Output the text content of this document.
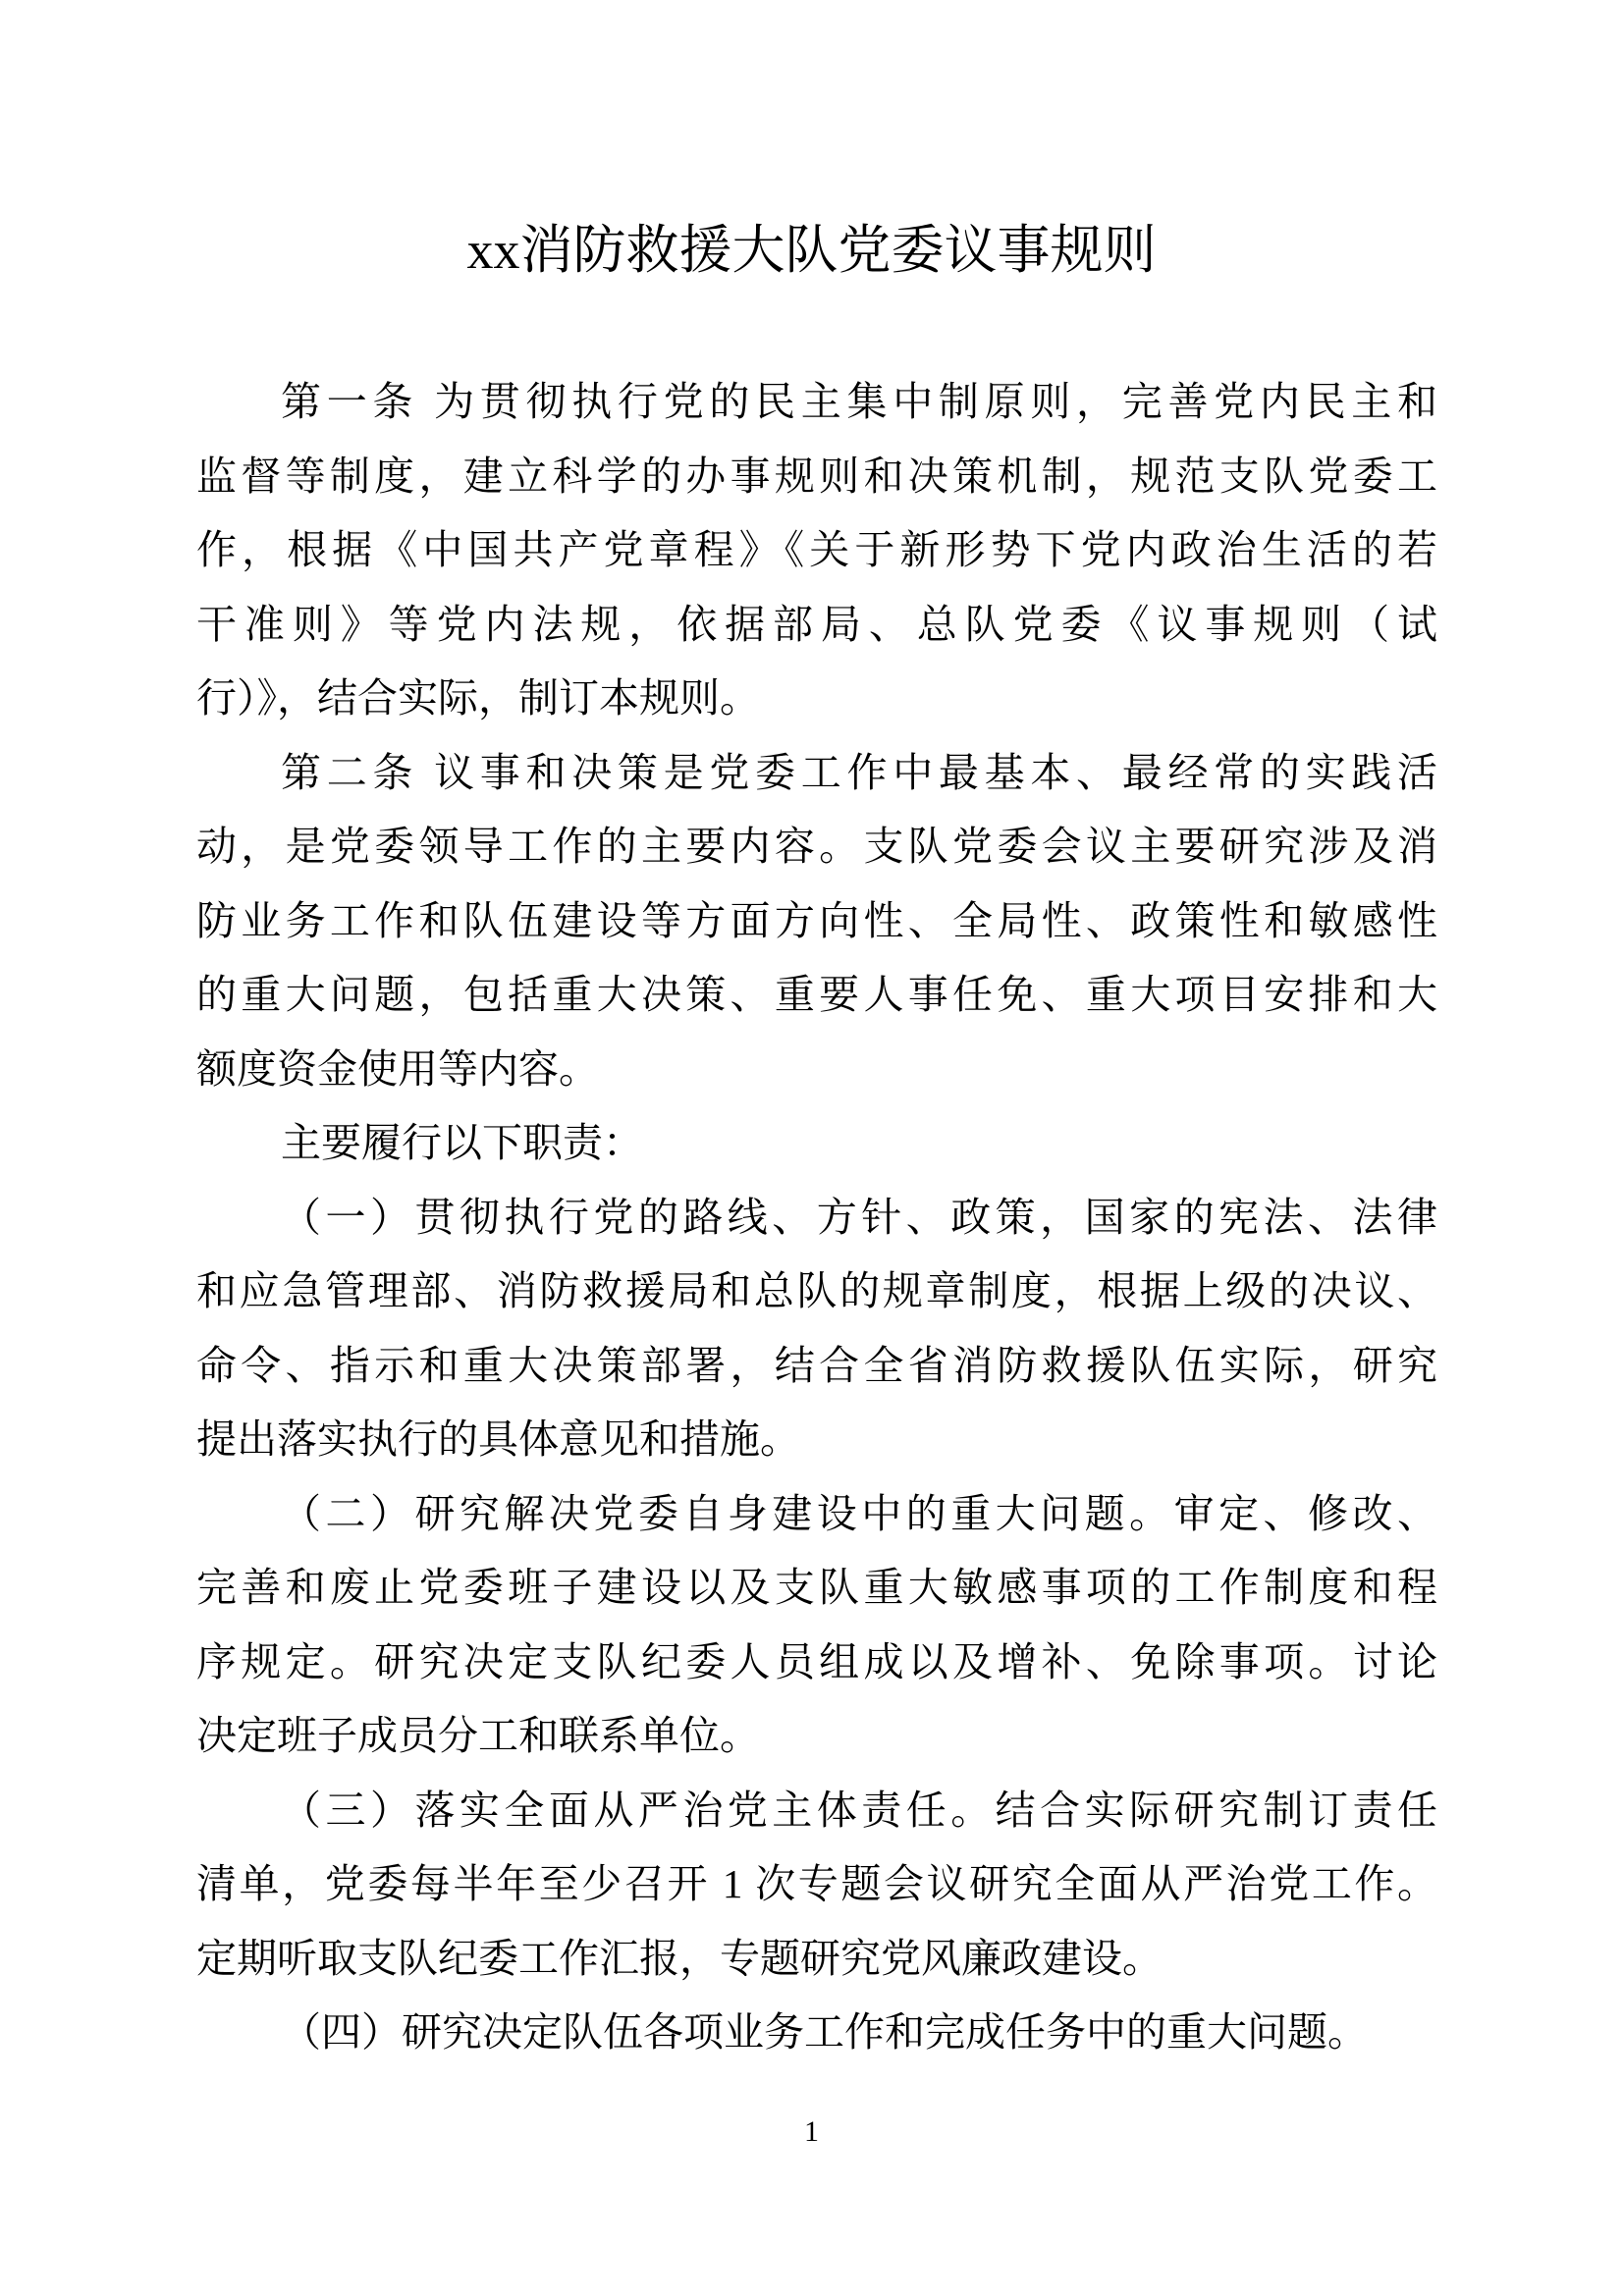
xx消防救援大队党委议事规则
第一条 为贯彻执行党的民主集中制原则，完善党内民主和
监督等制度，建立科学的办事规则和决策机制，规范支队党委工
作，根据《中国共产党章程》《关于新形势下党内政治生活的若
干准则》等党内法规，依据部局、总队党委《议事规则（试
行）》，结合实际，制订本规则。
第二条 议事和决策是党委工作中最基本、最经常的实践活
动，是党委领导工作的主要内容。支队党委会议主要研究涉及消
防业务工作和队伍建设等方面方向性、全局性、政策性和敏感性
的重大问题，包括重大决策、重要人事任免、重大项目安排和大
额度资金使用等内容。
主要履行以下职责：
（一）贯彻执行党的路线、方针、政策，国家的宪法、法律
和应急管理部、消防救援局和总队的规章制度，根据上级的决议、
命令、指示和重大决策部署，结合全省消防救援队伍实际，研究
提出落实执行的具体意见和措施。
（二）研究解决党委自身建设中的重大问题。审定、修改、
完善和废止党委班子建设以及支队重大敏感事项的工作制度和程
序规定。研究决定支队纪委人员组成以及增补、免除事项。讨论
决定班子成员分工和联系单位。
（三）落实全面从严治党主体责任。结合实际研究制订责任
清单，党委每半年至少召开 1 次专题会议研究全面从严治党工作。
定期听取支队纪委工作汇报，专题研究党风廉政建设。
（四）研究决定队伍各项业务工作和完成任务中的重大问题。
1
